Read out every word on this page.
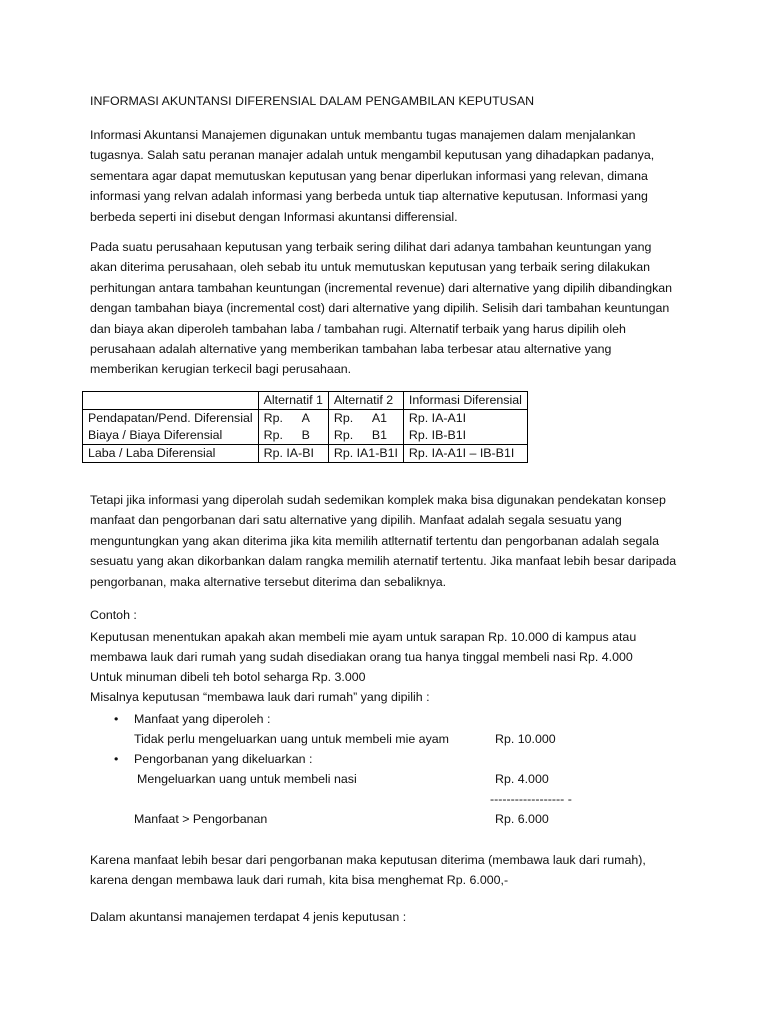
INFORMASI AKUNTANSI DIFERENSIAL DALAM PENGAMBILAN KEPUTUSAN

Informasi Akuntansi Manajemen digunakan untuk membantu tugas manajemen dalam menjalankan tugasnya. Salah satu peranan manajer adalah untuk mengambil keputusan yang dihadapkan padanya, sementara agar dapat memutuskan keputusan yang benar diperlukan informasi yang relevan, dimana informasi yang relvan adalah informasi yang berbeda untuk tiap alternative keputusan. Informasi yang berbeda seperti ini disebut dengan Informasi akuntansi differensial.

Pada suatu perusahaan keputusan yang terbaik sering dilihat dari adanya tambahan keuntungan yang akan diterima perusahaan, oleh sebab itu untuk memutuskan keputusan yang terbaik sering dilakukan perhitungan antara tambahan keuntungan (incremental revenue) dari alternative yang dipilih dibandingkan dengan tambahan biaya (incremental cost) dari alternative yang dipilih. Selisih dari tambahan keuntungan dan biaya akan diperoleh tambahan laba / tambahan rugi. Alternatif terbaik yang harus dipilih oleh perusahaan adalah alternative yang memberikan tambahan laba terbesar atau alternative yang memberikan kerugian terkecil bagi perusahaan.

	Alternatif 1	Alternatif 2	Informasi Diferensial
Pendapatan/Pend. Diferensial	Rp. A	Rp. A1	Rp. IA-A1I
Biaya / Biaya Diferensial	Rp. B	Rp. B1	Rp. IB-B1I
Laba / Laba Diferensial	Rp. IA-BI	Rp. IA1-B1I	Rp. IA-A1I – IB-B1I

Tetapi jika informasi yang diperolah sudah sedemikan komplek maka bisa digunakan pendekatan konsep manfaat dan pengorbanan dari satu alternative yang dipilih. Manfaat adalah segala sesuatu yang menguntungkan yang akan diterima jika kita memilih atlternatif tertentu dan pengorbanan adalah segala sesuatu yang akan dikorbankan dalam rangka memilih aternatif tertentu. Jika manfaat lebih besar daripada pengorbanan, maka alternative tersebut diterima dan sebaliknya.

Contoh :
Keputusan menentukan apakah akan membeli mie ayam untuk sarapan Rp. 10.000 di kampus atau
membawa lauk dari rumah yang sudah disediakan orang tua hanya tinggal membeli nasi Rp. 4.000
Untuk minuman dibeli teh botol seharga Rp. 3.000
Misalnya keputusan “membawa lauk dari rumah” yang dipilih :
• Manfaat yang diperoleh :
Tidak perlu mengeluarkan uang untuk membeli mie ayam	Rp. 10.000
• Pengorbanan yang dikeluarkan :
Mengeluarkan uang untuk membeli nasi	Rp. 4.000
------------------ -
Manfaat > Pengorbanan	Rp. 6.000

Karena manfaat lebih besar dari pengorbanan maka keputusan diterima (membawa lauk dari rumah), karena dengan membawa lauk dari rumah, kita bisa menghemat Rp. 6.000,-

Dalam akuntansi manajemen terdapat 4 jenis keputusan :
